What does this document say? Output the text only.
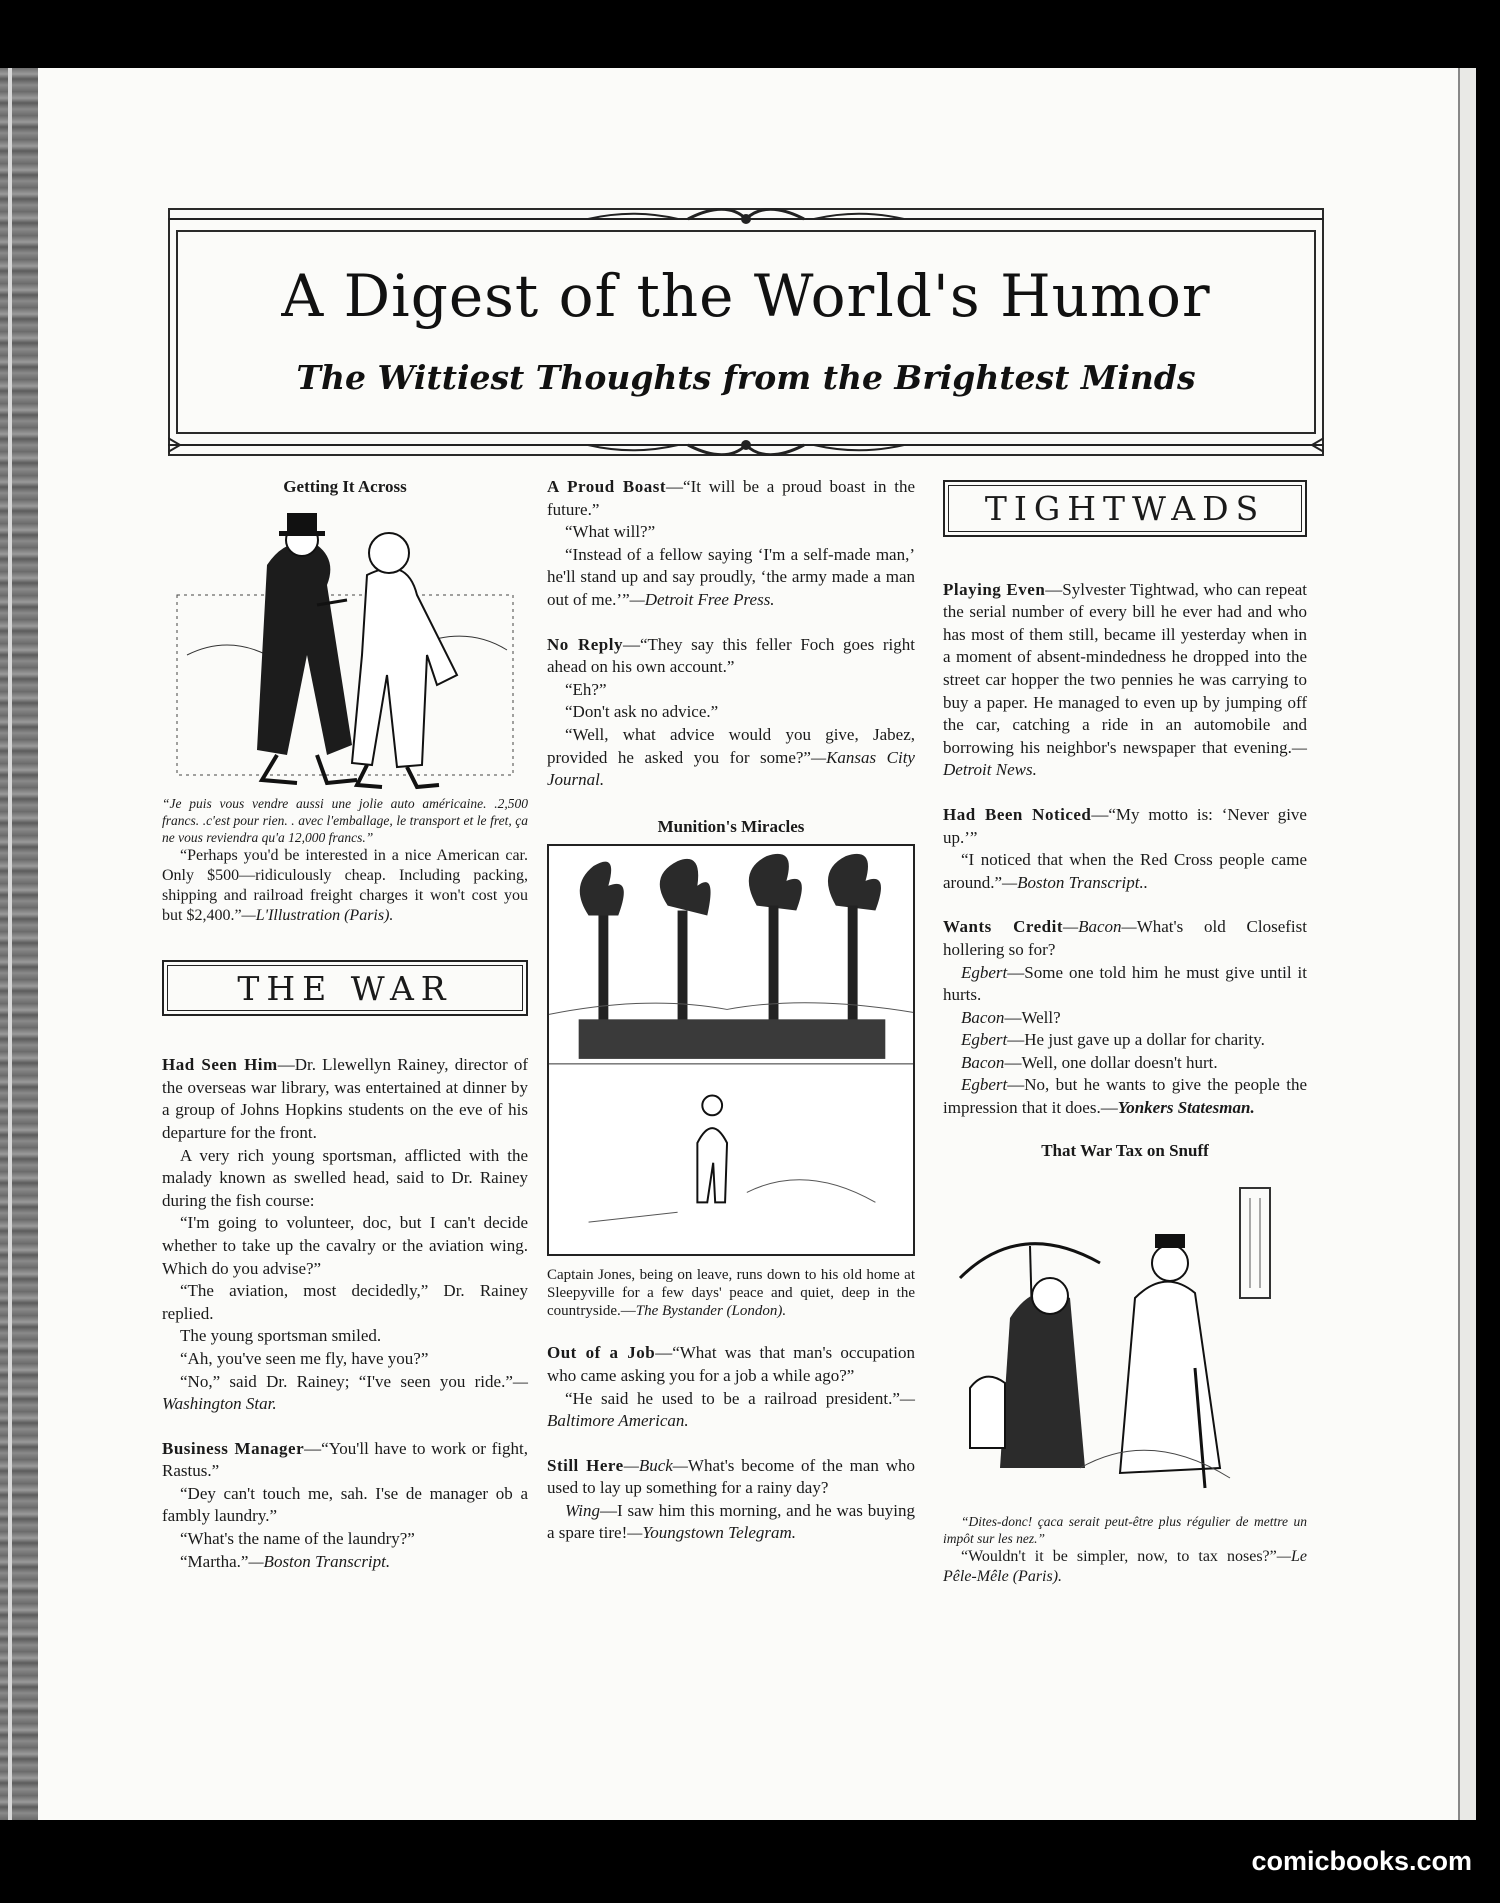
A Digest of the World's Humor
The Wittiest Thoughts from the Brightest Minds
Getting It Across

“Je puis vous vendre aussi une jolie auto américaine. .2,500 francs. .c'est pour rien. . avec l'emballage, le transport et le fret, ça ne vous reviendra qu'a 12,000 francs.”

“Perhaps you'd be interested in a nice American car. Only $500—ridiculously cheap. Including packing, shipping and railroad freight charges it won't cost you but $2,400.”—L'Illustration (Paris).

THE WAR

Had Seen Him—Dr. Llewellyn Rainey, director of the overseas war library, was entertained at dinner by a group of Johns Hopkins students on the eve of his departure for the front.

A very rich young sportsman, afflicted with the malady known as swelled head, said to Dr. Rainey during the fish course:

“I'm going to volunteer, doc, but I can't decide whether to take up the cavalry or the aviation wing. Which do you advise?”

“The aviation, most decidedly,” Dr. Rainey replied.

The young sportsman smiled.

“Ah, you've seen me fly, have you?”

“No,” said Dr. Rainey; “I've seen you ride.”—Washington Star.

Business Manager—“You'll have to work or fight, Rastus.”

“Dey can't touch me, sah. I'se de manager ob a fambly laundry.”

“What's the name of the laundry?”

“Martha.”—Boston Transcript.

A Proud Boast—“It will be a proud boast in the future.”

“What will?”

“Instead of a fellow saying ‘I'm a self-made man,’ he'll stand up and say proudly, ‘the army made a man out of me.’”—Detroit Free Press.

No Reply—“They say this feller Foch goes right ahead on his own account.”

“Eh?”

“Don't ask no advice.”

“Well, what advice would you give, Jabez, provided he asked you for some?”—Kansas City Journal.

Munition's Miracles

Captain Jones, being on leave, runs down to his old home at Sleepyville for a few days' peace and quiet, deep in the countryside.—The Bystander (London).

Out of a Job—“What was that man's occupation who came asking you for a job a while ago?”

“He said he used to be a railroad president.”—Baltimore American.

Still Here—Buck—What's become of the man who used to lay up something for a rainy day?

Wing—I saw him this morning, and he was buying a spare tire!—Youngstown Telegram.

TIGHTWADS

Playing Even—Sylvester Tightwad, who can repeat the serial number of every bill he ever had and who has most of them still, became ill yesterday when in a moment of absent-mindedness he dropped into the street car hopper the two pennies he was carrying to buy a paper. He managed to even up by jumping off the car, catching a ride in an automobile and borrowing his neighbor's newspaper that evening.—Detroit News.

Had Been Noticed—“My motto is: ‘Never give up.’”

“I noticed that when the Red Cross people came around.”—Boston Transcript..

Wants Credit—Bacon—What's old Closefist hollering so for?

Egbert—Some one told him he must give until it hurts.

Bacon—Well?

Egbert—He just gave up a dollar for charity.

Bacon—Well, one dollar doesn't hurt.

Egbert—No, but he wants to give the people the impression that it does.—Yonkers Statesman.

That War Tax on Snuff

“Dites-donc! çaca serait peut-être plus régulier de mettre un impôt sur les nez.”

“Wouldn't it be simpler, now, to tax noses?”—Le Pêle-Mêle (Paris).

comicbooks.com
